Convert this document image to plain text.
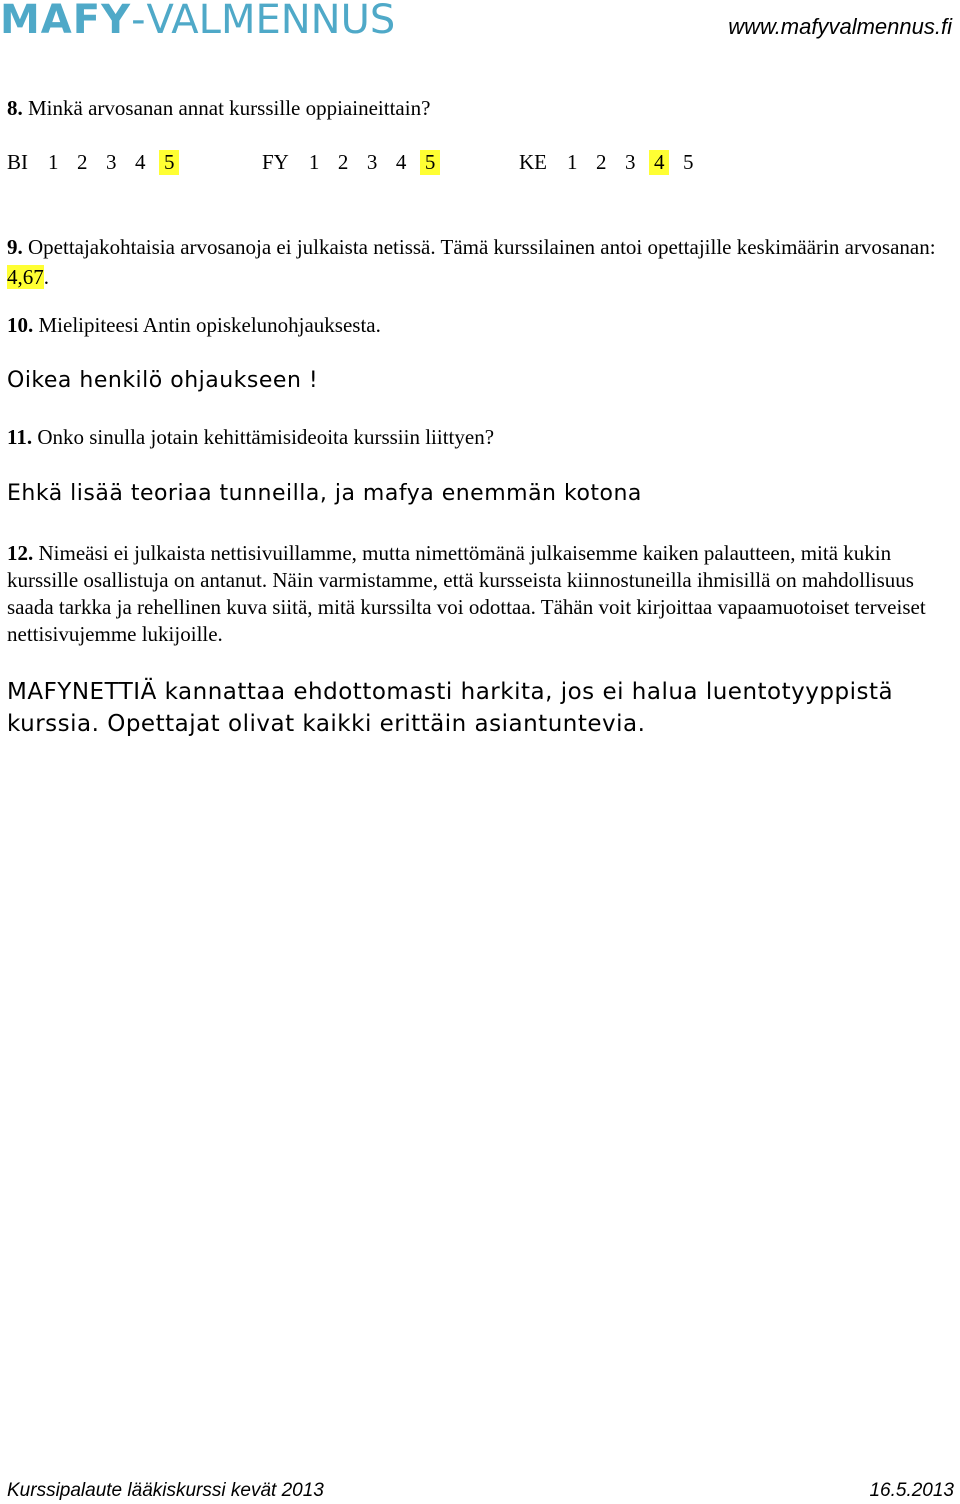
MAFY-VALMENNUS	www.mafyvalmennus.fi

8. Minkä arvosanan annat kurssille oppiaineittain?

BI 1 2 3 4 5	FY 1 2 3 4 5	KE 1 2 3 4 5

9. Opettajakohtaisia arvosanoja ei julkaista netissä. Tämä kurssilainen antoi opettajille keskimäärin arvosanan: 4,67.

10. Mielipiteesi Antin opiskelunohjauksesta.

Oikea henkilö ohjaukseen !

11. Onko sinulla jotain kehittämisideoita kurssiin liittyen?

Ehkä lisää teoriaa tunneilla, ja mafya enemmän kotona

12. Nimeäsi ei julkaista nettisivuillamme, mutta nimettömänä julkaisemme kaiken palautteen, mitä kukin kurssille osallistuja on antanut. Näin varmistamme, että kursseista kiinnostuneilla ihmisillä on mahdollisuus saada tarkka ja rehellinen kuva siitä, mitä kurssilta voi odottaa. Tähän voit kirjoittaa vapaamuotoiset terveiset nettisivujemme lukijoille.

MAFYNETTIÄ kannattaa ehdottomasti harkita, jos ei halua luentotyyppistä kurssia. Opettajat olivat kaikki erittäin asiantuntevia.
Kurssipalaute lääkiskurssi kevät 2013	16.5.2013
